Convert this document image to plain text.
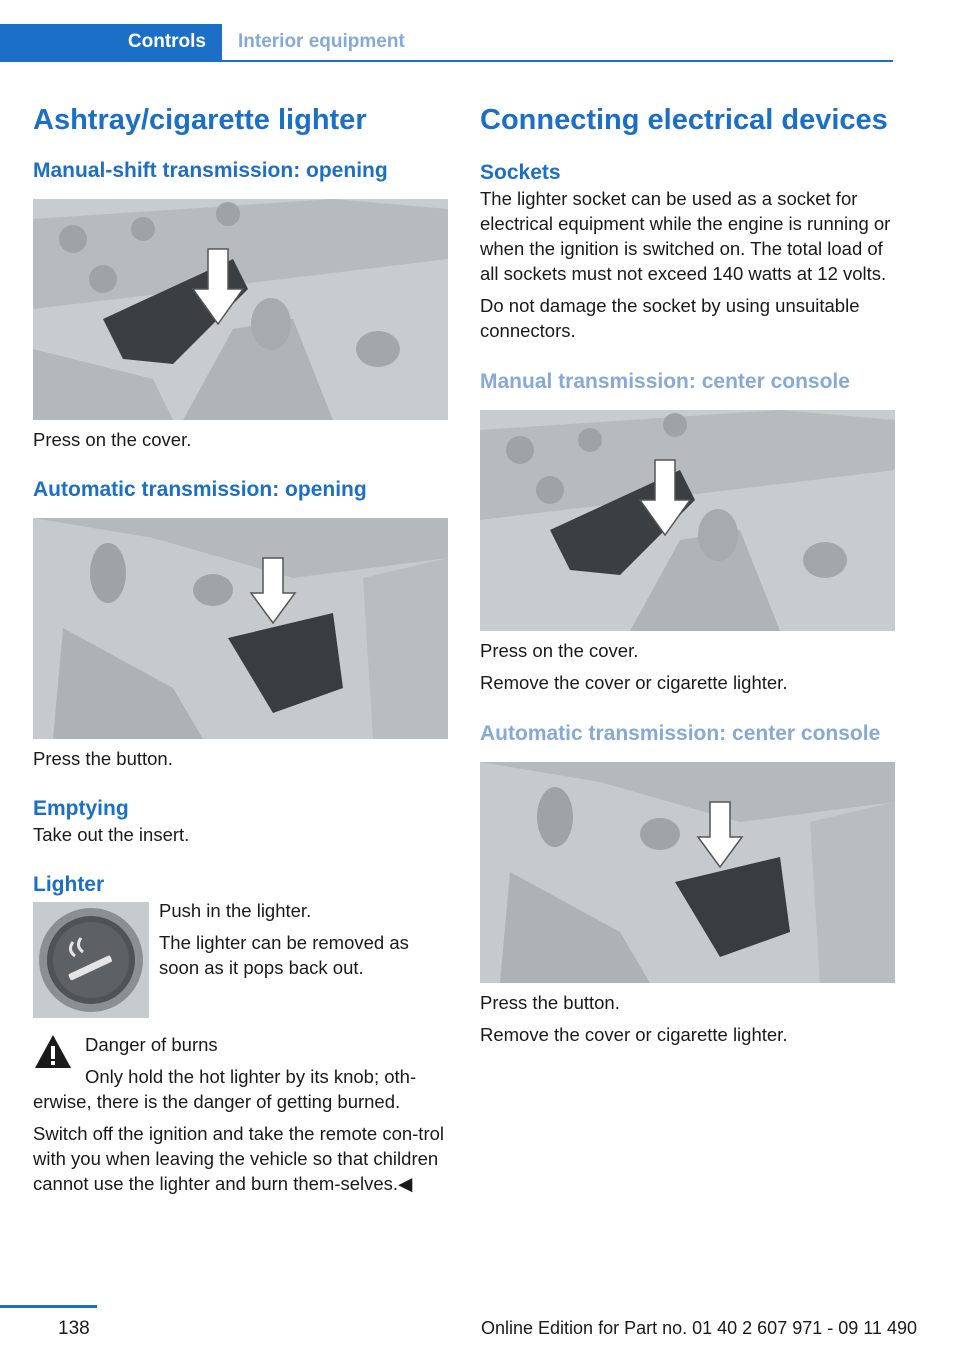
Controls Interior equipment
Ashtray/cigarette lighter
Manual-shift transmission: opening

Press on the cover.

Automatic transmission: opening

Press the button.

Emptying

Take out the insert.

Lighter

Push in the lighter.

The lighter can be removed as soon as it pops back out.

Danger of burns

Only hold the hot lighter by its knob; oth-erwise, there is the danger of getting burned.

Switch off the ignition and take the remote con-trol with you when leaving the vehicle so that children cannot use the lighter and burn them-selves.◀

Connecting electrical devices
Sockets

The lighter socket can be used as a socket for electrical equipment while the engine is running or when the ignition is switched on. The total load of all sockets must not exceed 140 watts at 12 volts.

Do not damage the socket by using unsuitable connectors.

Manual transmission: center console

Press on the cover.

Remove the cover or cigarette lighter.

Automatic transmission: center console

Press the button.

Remove the cover or cigarette lighter.

138	Online Edition for Part no. 01 40 2 607 971 - 09 11 490
